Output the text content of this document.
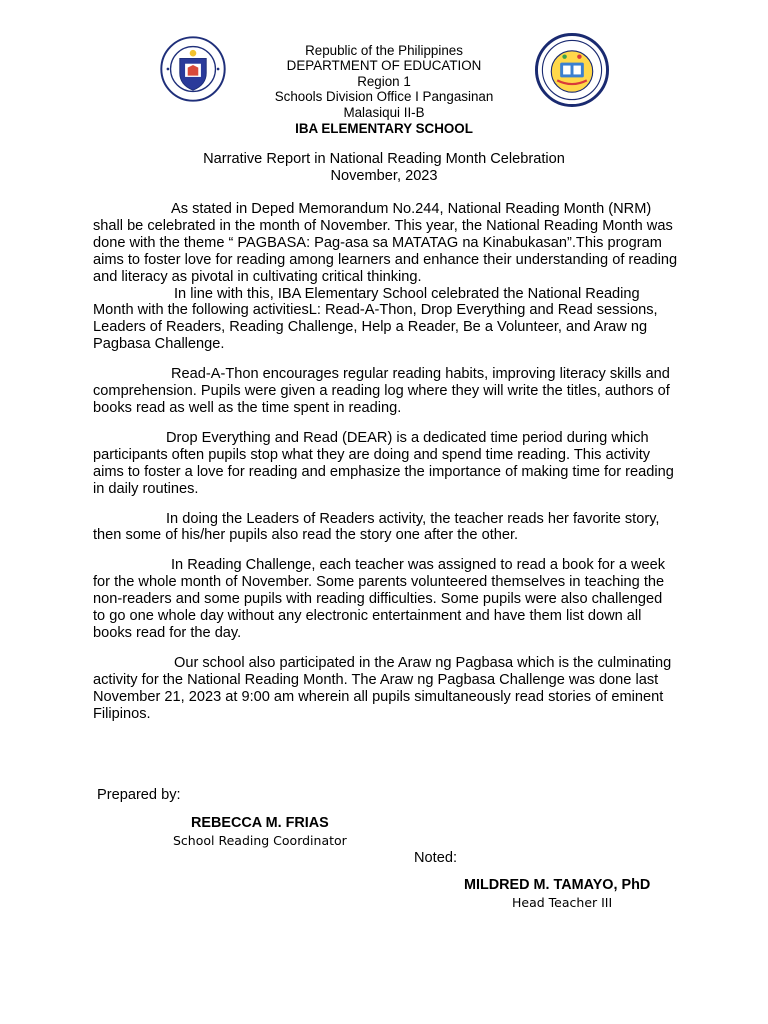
Republic of the Philippines
DEPARTMENT OF EDUCATION
Region 1
Schools Division Office I Pangasinan
Malasiqui II-B
IBA ELEMENTARY SCHOOL
Narrative Report in National Reading Month Celebration
November, 2023

As stated in Deped Memorandum No.244, National Reading Month (NRM) shall be celebrated in the month of November. This year, the National Reading Month was done with the theme “ PAGBASA: Pag-asa sa MATATAG na Kinabukasan”.This program aims to foster love for reading among learners and enhance their understanding of reading and literacy as pivotal in cultivating critical thinking.

In line with this, IBA Elementary School celebrated the National Reading Month with the following activitiesL: Read-A-Thon, Drop Everything and Read sessions, Leaders of Readers, Reading Challenge, Help a Reader, Be a Volunteer, and Araw ng Pagbasa Challenge.

Read-A-Thon encourages regular reading habits, improving literacy skills and comprehension. Pupils were given a reading log where they will write the titles, authors of books read as well as the time spent in reading.

Drop Everything and Read (DEAR) is a dedicated time period during which participants often pupils stop what they are doing and spend time reading. This activity aims to foster a love for reading and emphasize the importance of making time for reading in daily routines.

In doing the Leaders of Readers activity, the teacher reads her favorite story, then some of his/her pupils also read the story one after the other.

In Reading Challenge, each teacher was assigned to read a book for a week for the whole month of November. Some parents volunteered themselves in teaching the non-readers and some pupils with reading difficulties. Some pupils were also challenged to go one whole day without any electronic entertainment and have them list down all books read for the day.

Our school also participated in the Araw ng Pagbasa which is the culminating activity for the National Reading Month. The Araw ng Pagbasa Challenge was done last November 21, 2023 at 9:00 am wherein all pupils simultaneously read stories of eminent Filipinos.

Prepared by:
REBECCA M. FRIAS
School Reading Coordinator
Noted:
MILDRED M. TAMAYO, PhD
Head Teacher III
